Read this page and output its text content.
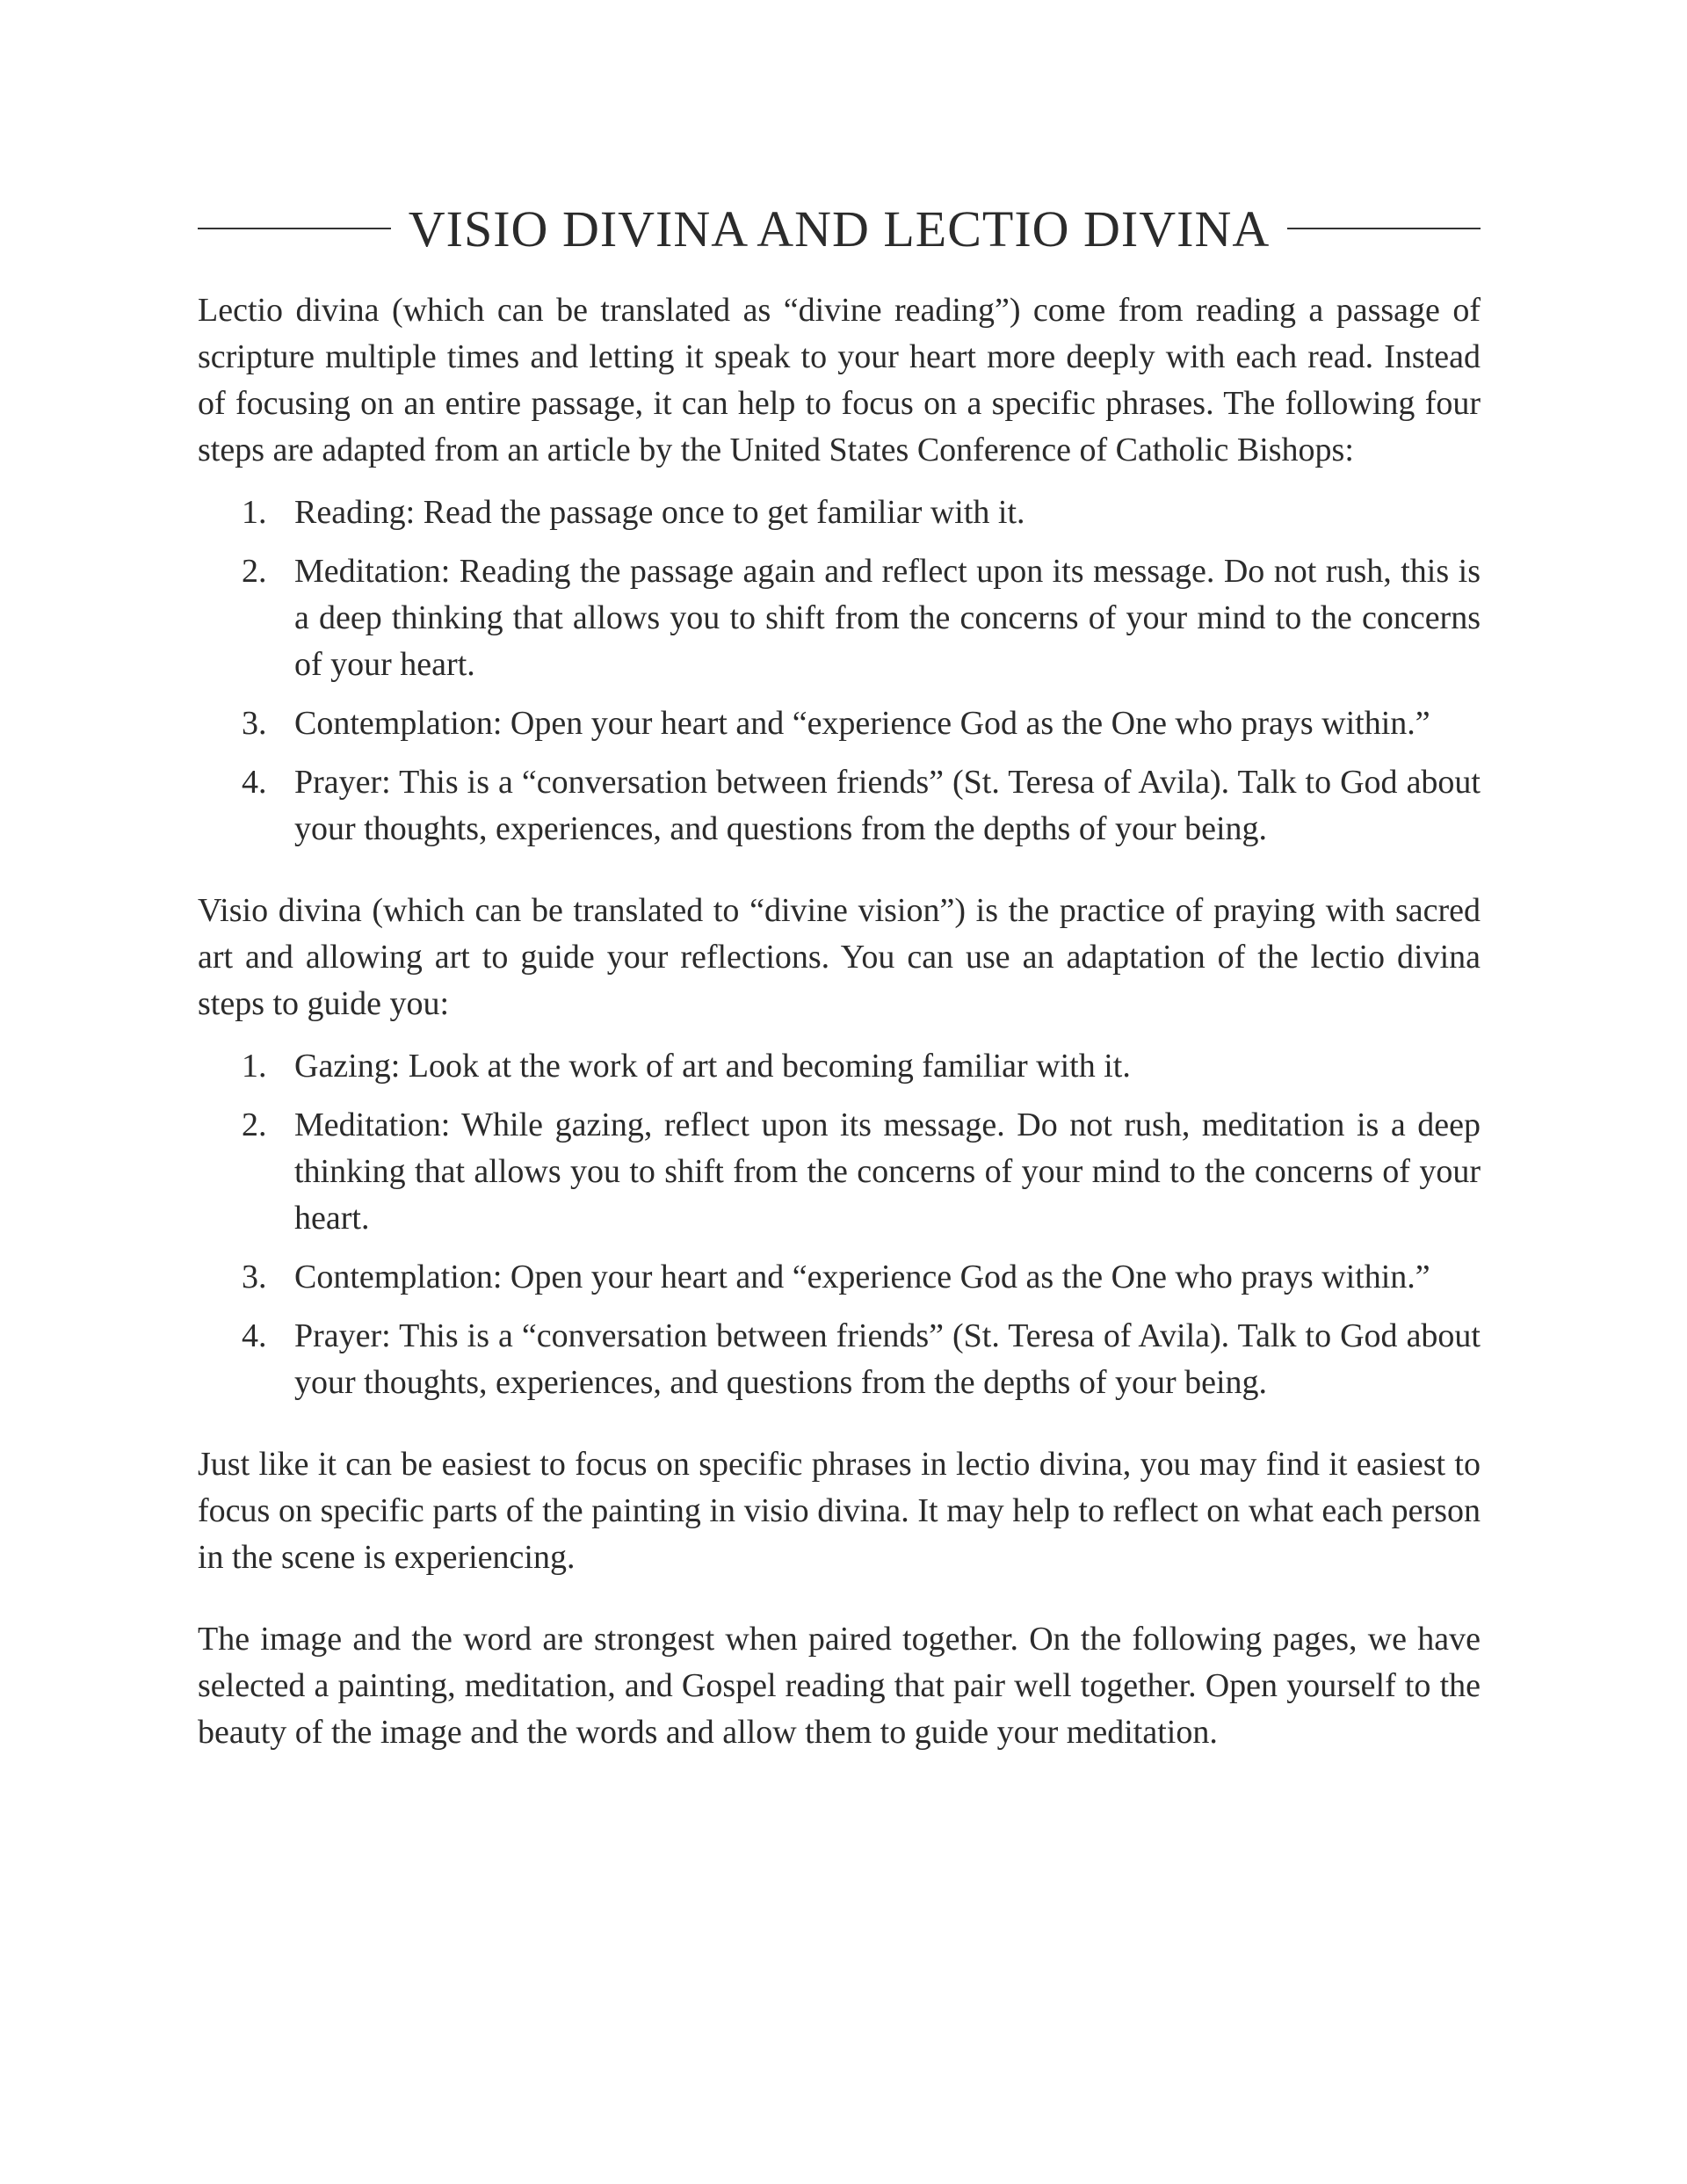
VISIO DIVINA AND LECTIO DIVINA

Lectio divina (which can be translated as “divine reading”) come from reading a passage of scripture multiple times and letting it speak to your heart more deeply with each read. Instead of focusing on an entire passage, it can help to focus on a specific phrases. The following four steps are adapted from an article by the United States Conference of Catholic Bishops:

1. Reading: Read the passage once to get familiar with it.
2. Meditation: Reading the passage again and reflect upon its message. Do not rush, this is a deep thinking that allows you to shift from the concerns of your mind to the concerns of your heart.
3. Contemplation: Open your heart and “experience God as the One who prays within.”
4. Prayer: This is a “conversation between friends” (St. Teresa of Avila). Talk to God about your thoughts, experiences, and questions from the depths of your being.

Visio divina (which can be translated to “divine vision”) is the practice of praying with sacred art and allowing art to guide your reflections. You can use an adaptation of the lectio divina steps to guide you:

1. Gazing: Look at the work of art and becoming familiar with it.
2. Meditation: While gazing, reflect upon its message. Do not rush, meditation is a deep thinking that allows you to shift from the concerns of your mind to the concerns of your heart.
3. Contemplation: Open your heart and “experience God as the One who prays within.”
4. Prayer: This is a “conversation between friends” (St. Teresa of Avila). Talk to God about your thoughts, experiences, and questions from the depths of your being.

Just like it can be easiest to focus on specific phrases in lectio divina, you may find it easiest to focus on specific parts of the painting in visio divina. It may help to reflect on what each person in the scene is experiencing.

The image and the word are strongest when paired together. On the following pages, we have selected a painting, meditation, and Gospel reading that pair well together. Open yourself to the beauty of the image and the words and allow them to guide your meditation.
